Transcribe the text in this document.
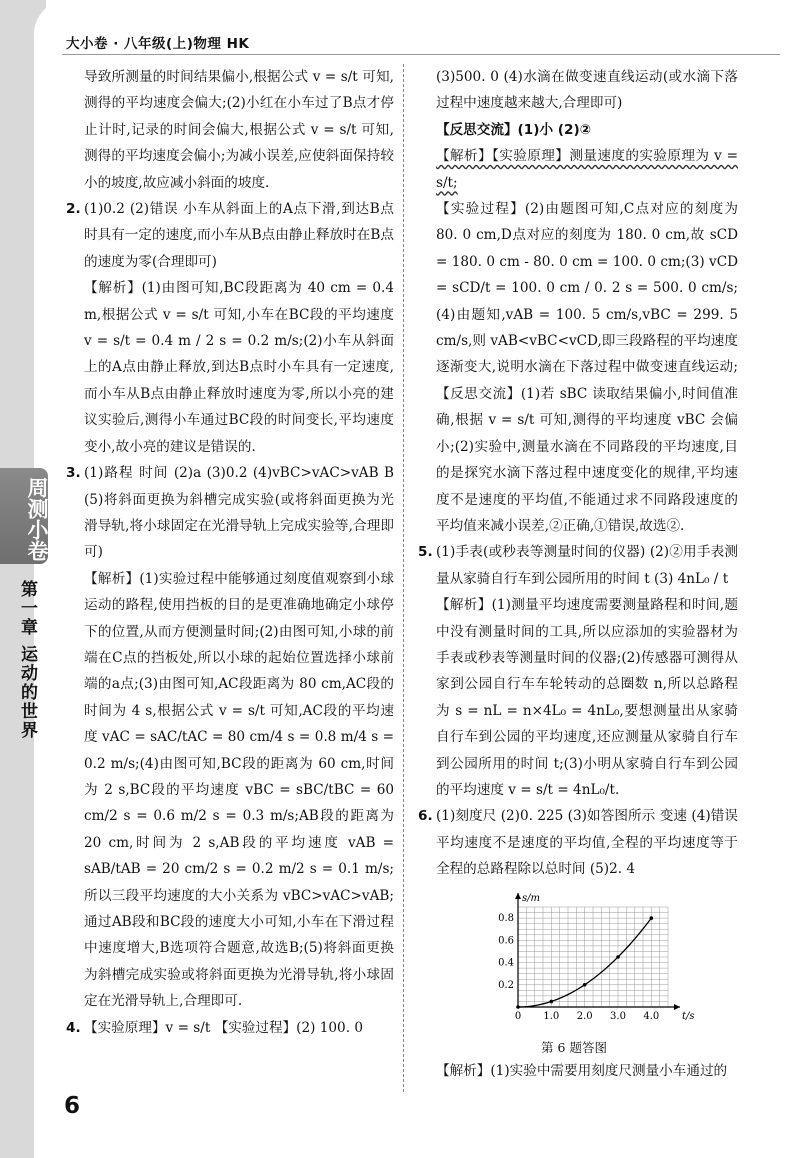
大小卷 · 八年级(上)物理 HK
周测小卷
第一章 运动的世界

导致所测量的时间结果偏小,根据公式 v = s/t 可知,测得的平均速度会偏大;(2)小红在小车过了B点才停止计时,记录的时间会偏大,根据公式 v = s/t 可知,测得的平均速度会偏小;为减小误差,应使斜面保持较小的坡度,故应减小斜面的坡度.

2. (1)0.2 (2)错误 小车从斜面上的A点下滑,到达B点时具有一定的速度,而小车从B点由静止释放时在B点的速度为零(合理即可)

【解析】(1)由图可知,BC段距离为 40 cm = 0.4 m,根据公式 v = s/t 可知,小车在BC段的平均速度 v = s/t = 0.4 m / 2 s = 0.2 m/s;(2)小车从斜面上的A点由静止释放,到达B点时小车具有一定速度,而小车从B点由静止释放时速度为零,所以小亮的建议实验后,测得小车通过BC段的时间变长,平均速度变小,故小亮的建议是错误的.

3. (1)路程 时间 (2)a (3)0.2 (4)vBC>vAC>vAB B (5)将斜面更换为斜槽完成实验(或将斜面更换为光滑导轨,将小球固定在光滑导轨上完成实验等,合理即可)

【解析】(1)实验过程中能够通过刻度值观察到小球运动的路程,使用挡板的目的是更准确地确定小球停下的位置,从而方便测量时间;(2)由图可知,小球的前端在C点的挡板处,所以小球的起始位置选择小球前端的a点;(3)由图可知,AC段距离为 80 cm,AC段的时间为 4 s,根据公式 v = s/t 可知,AC段的平均速度 vAC = sAC/tAC = 80 cm/4 s = 0.8 m/4 s = 0.2 m/s;(4)由图可知,BC段的距离为 60 cm,时间为 2 s,BC段的平均速度 vBC = sBC/tBC = 60 cm/2 s = 0.6 m/2 s = 0.3 m/s;AB段的距离为 20 cm,时间为 2 s,AB段的平均速度 vAB = sAB/tAB = 20 cm/2 s = 0.2 m/2 s = 0.1 m/s;所以三段平均速度的大小关系为 vBC>vAC>vAB;通过AB段和BC段的速度大小可知,小车在下滑过程中速度增大,B选项符合题意,故选B;(5)将斜面更换为斜槽完成实验或将斜面更换为光滑导轨,将小球固定在光滑导轨上,合理即可.

4. 【实验原理】v = s/t 【实验过程】(2) 100. 0

(3)500. 0 (4)水滴在做变速直线运动(或水滴下落过程中速度越来越大,合理即可)

【反思交流】(1)小 (2)②

【解析】【实验原理】测量速度的实验原理为 v = s/t;

【实验过程】(2)由题图可知,C点对应的刻度为 80. 0 cm,D点对应的刻度为 180. 0 cm,故 sCD = 180. 0 cm - 80. 0 cm = 100. 0 cm;(3) vCD = sCD/t = 100. 0 cm / 0. 2 s = 500. 0 cm/s;(4)由题知,vAB = 100. 5 cm/s,vBC = 299. 5 cm/s,则 vAB<vBC<vCD,即三段路程的平均速度逐渐变大,说明水滴在下落过程中做变速直线运动;【反思交流】(1)若 sBC 读取结果偏小,时间值准确,根据 v = s/t 可知,测得的平均速度 vBC 会偏小;(2)实验中,测量水滴在不同路段的平均速度,目的是探究水滴下落过程中速度变化的规律,平均速度不是速度的平均值,不能通过求不同路段速度的平均值来减小误差,②正确,①错误,故选②.

5. (1)手表(或秒表等测量时间的仪器) (2)②用手表测量从家骑自行车到公园所用的时间 t (3) 4nL₀ / t

【解析】(1)测量平均速度需要测量路程和时间,题中没有测量时间的工具,所以应添加的实验器材为手表或秒表等测量时间的仪器;(2)传感器可测得从家到公园自行车车轮转动的总圈数 n,所以总路程为 s = nL = n×4L₀ = 4nL₀,要想测量出从家骑自行车到公园的平均速度,还应测量从家骑自行车到公园所用的时间 t;(3)小明从家骑自行车到公园的平均速度 v = s/t = 4nL₀/t.

6. (1)刻度尺 (2)0. 225 (3)如答图所示 变速 (4)错误 平均速度不是速度的平均值,全程的平均速度等于全程的总路程除以总时间 (5)2. 4

0 1.0 2.0 3.0 4.0
0.2
0.4
0.6
0.8
t/s
s/m
第 6 题答图

【解析】(1)实验中需要用刻度尺测量小车通过的

6
